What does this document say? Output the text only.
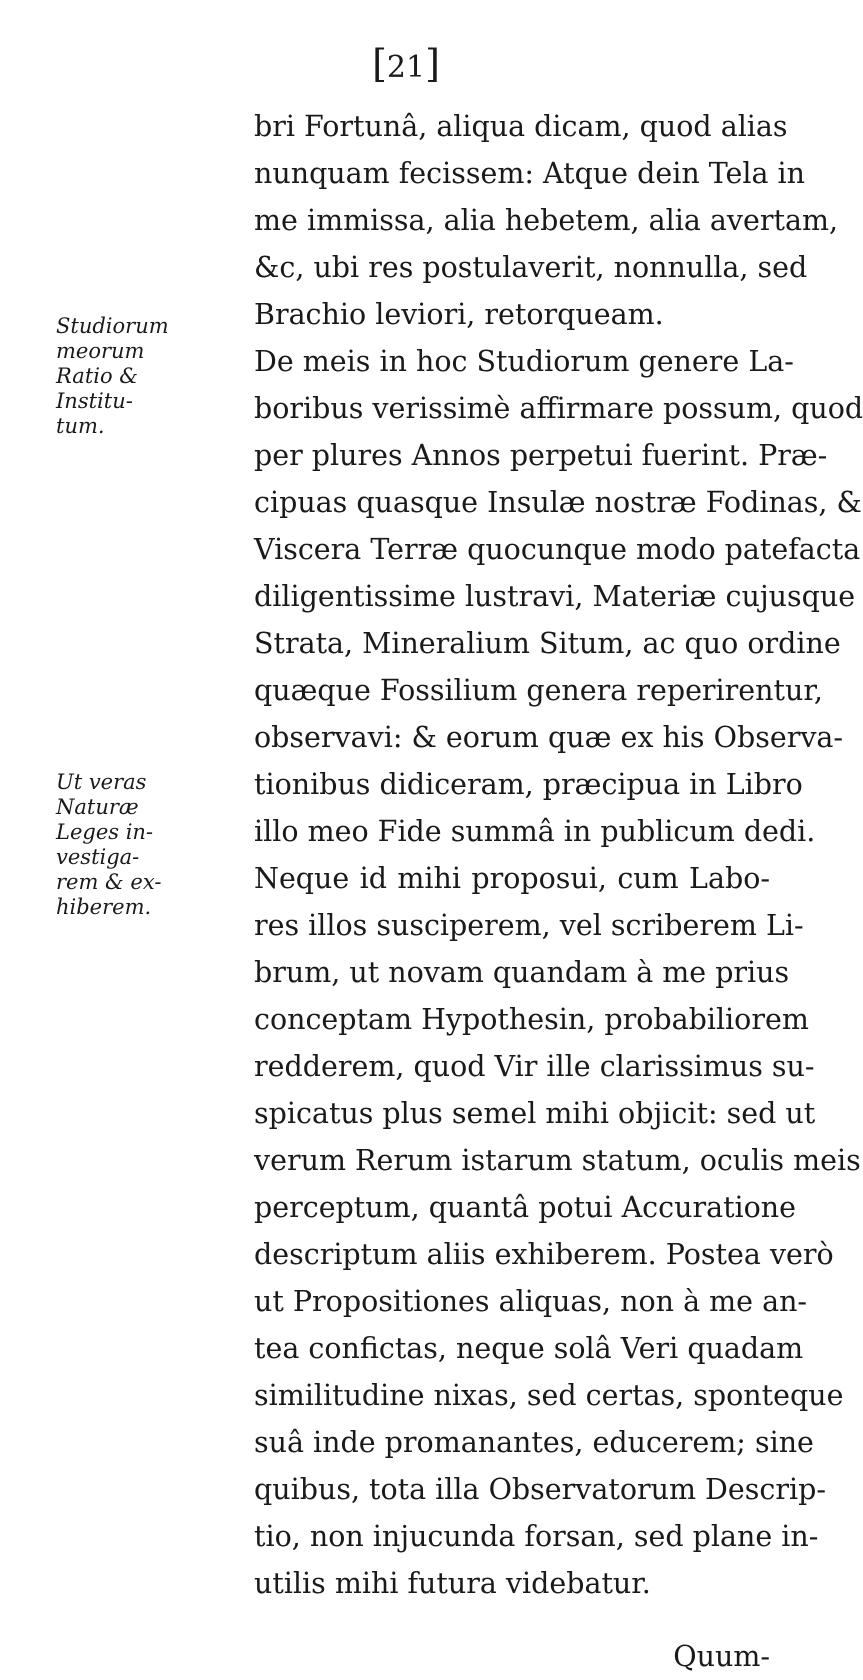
[21]
Studiorum
meorum
Ratio &
Institu-
tum.
Ut veras
Naturæ
Leges in-
vestiga-
rem & ex-
hiberem.
bri Fortunâ, aliqua dicam, quod alias
nunquam fecissem: Atque dein Tela in
me immissa, alia hebetem, alia avertam,
&c, ubi res postulaverit, nonnulla, sed
Brachio leviori, retorqueam.
De meis in hoc Studiorum genere La-
boribus verissimè affirmare possum, quod
per plures Annos perpetui fuerint. Præ-
cipuas quasque Insulæ nostræ Fodinas, &
Viscera Terræ quocunque modo patefacta
diligentissime lustravi, Materiæ cujusque
Strata, Mineralium Situm, ac quo ordine
quæque Fossilium genera reperirentur,
observavi: & eorum quæ ex his Observa-
tionibus didiceram, præcipua in Libro
illo meo Fide summâ in publicum dedi.
Neque id mihi proposui, cum Labo-
res illos susciperem, vel scriberem Li-
brum, ut novam quandam à me prius
conceptam Hypothesin, probabiliorem
redderem, quod Vir ille clarissimus su-
spicatus plus semel mihi objicit: sed ut
verum Rerum istarum statum, oculis meis
perceptum, quantâ potui Accuratione
descriptum aliis exhiberem. Postea verò
ut Propositiones aliquas, non à me an-
tea confictas, neque solâ Veri quadam
similitudine nixas, sed certas, sponteque
suâ inde promanantes, educerem; sine
quibus, tota illa Observatorum Descrip-
tio, non injucunda forsan, sed plane in-
utilis mihi futura videbatur.
Quum-
